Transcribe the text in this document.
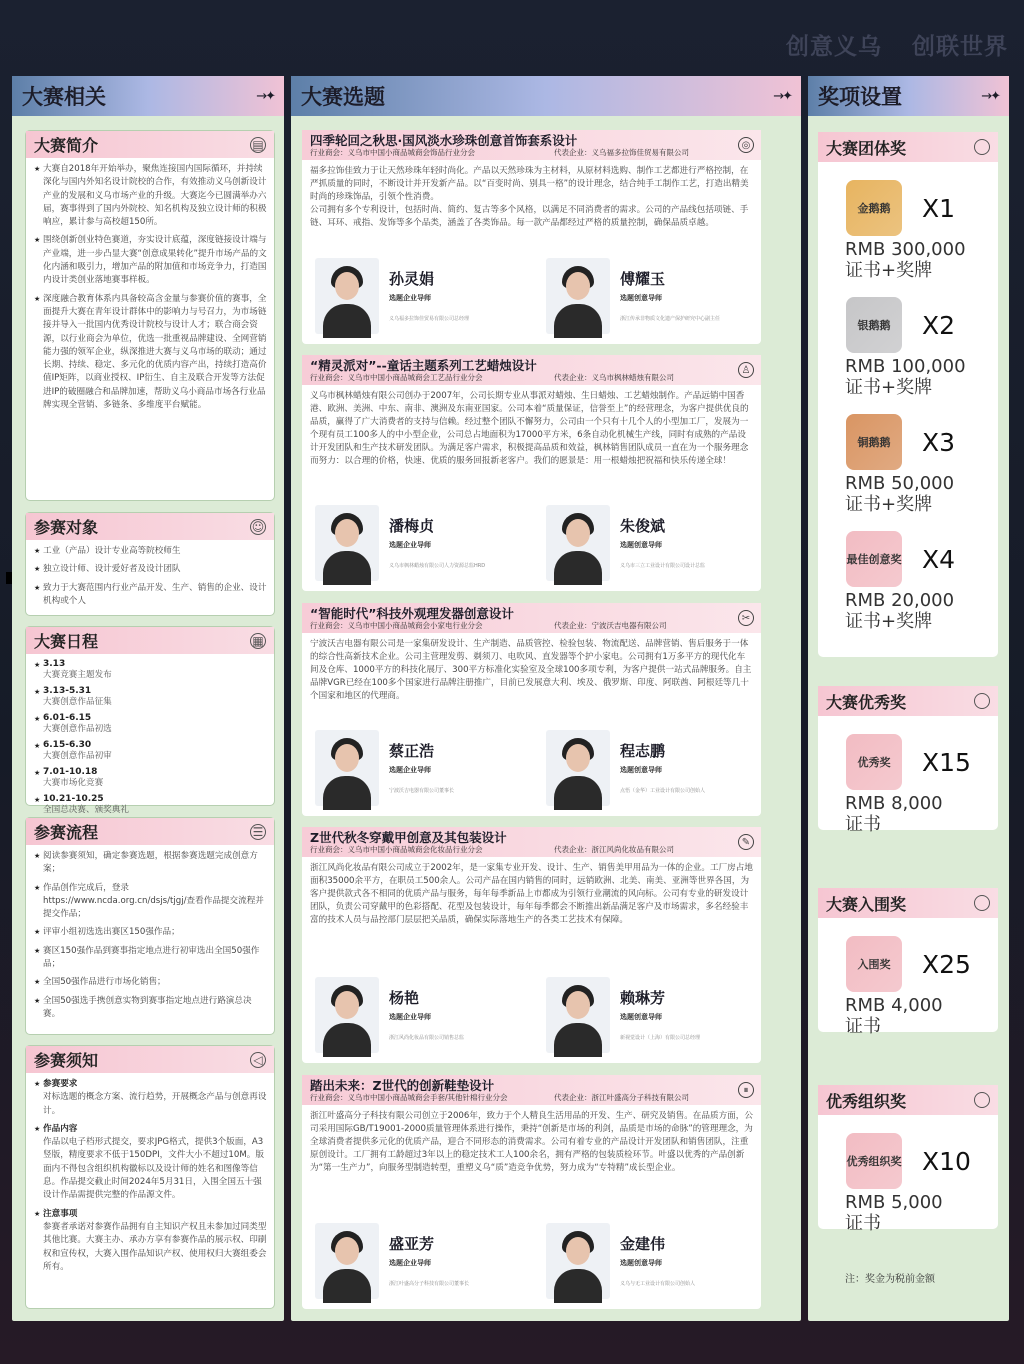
创意义乌 创联世界
大赛相关	→✦
大赛简介	▤
★ 大赛自2018年开始举办，聚焦连接国内国际循环，并持续深化与国内外知名设计院校的合作，有效推动义乌创新设计产业的发展和义乌市场产业的升级。大赛迄今已圆满举办六届，赛事得到了国内外院校、知名机构及独立设计师的积极响应，累计参与高校超150所。
★ 围绕创新创业特色赛道，夯实设计底蕴，深度链接设计端与产业端，进一步凸显大赛“创意成果转化”提升市场产品的文化内涵和吸引力，增加产品的附加值和市场竞争力，打造国内设计类创业落地赛事样板。
★ 深度融合教育体系内具备较高含金量与参赛价值的赛事，全面提升大赛在青年设计群体中的影响力与号召力，为市场链接并导入一批国内优秀设计院校与设计人才；联合商会资源，以行业商会为单位，优选一批重视品牌建设、全网营销能力强的领军企业，纵深推进大赛与义乌市场的联动；通过长期、持续、稳定、多元化的优质内容产出，持续打造高价值IP矩阵，以商业授权、IP衍生、自主及联合开发等方法促进IP的破圈融合和品牌加速，帮助义乌小商品市场各行业品牌实现全营销、多链条、多维度平台赋能。
参赛对象	☺
★ 工业（产品）设计专业高等院校师生
★ 独立设计师、设计爱好者及设计团队
★ 致力于大赛范围内行业产品开发、生产、销售的企业、设计机构或个人
大赛日程	▦
★ 3.13
大赛竞赛主题发布
★ 3.13-5.31
大赛创意作品征集
★ 6.01-6.15
大赛创意作品初选
★ 6.15-6.30
大赛创意作品初审
★ 7.01-10.18
大赛市场化竞赛
★ 10.21-10.25
全国总决赛、颁奖典礼
参赛流程	☰
★ 阅读参赛须知，确定参赛选题，根据参赛选题完成创意方案；
★ 作品创作完成后，登录https://www.ncda.org.cn/dsjs/tjgj/查看作品提交流程并提交作品；
★ 评审小组初选选出赛区150强作品；
★ 赛区150强作品到赛事指定地点进行初审选出全国50强作品；
★ 全国50强作品进行市场化销售；
★ 全国50强选手携创意实物到赛事指定地点进行路演总决赛。
参赛须知	◁
★ 参赛要求
对标选题的概念方案、流行趋势，开展概念产品与创意再设计。
★ 作品内容
作品以电子档形式提交，要求JPG格式，提供3个版面，A3竖版，精度要求不低于150DPI，文件大小不超过10M。版面内不得包含组织机构徽标以及设计师的姓名和图像等信息。作品提交截止时间2024年5月31日，入围全国五十强设计作品需提供完整的作品源文件。
★ 注意事项
参赛者承诺对参赛作品拥有自主知识产权且未参加过同类型其他比赛。大赛主办、承办方享有参赛作品的展示权、印刷权和宣传权，大赛入围作品知识产权、使用权归大赛组委会所有。
大赛选题	→✦
四季轮回之秋思·国风淡水珍珠创意首饰套系设计
行业商会：义乌市中国小商品城商会饰品行业分会	代表企业：义乌福多拉饰佳贸易有限公司
◎
福多拉饰佳致力于让天然珍珠年轻时尚化。产品以天然珍珠为主材料，从原材料选购、制作工艺都进行严格控制，在严抓质量的同时，不断设计并开发新产品。以“百变时尚、别具一格”的设计理念，结合纯手工制作工艺，打造出精美时尚的珍珠饰品，引领个性消费。
公司拥有多个专利设计，包括时尚、简约、复古等多个风格，以满足不同消费者的需求。公司的产品线包括项链、手链、耳环、戒指、发饰等多个品类，涵盖了各类饰品。每一款产品都经过严格的质量控制，确保品质卓越。
孙灵娟
选题企业导师
义乌福多拉饰佳贸易有限公司总经理
傅耀玉
选题创意导师
浙江传承非物质文化遗产保护研究中心副主任
“精灵派对”--童话主题系列工艺蜡烛设计
行业商会：义乌市中国小商品城商会工艺品行业分会	代表企业：义乌市枫林蜡烛有限公司
♙
义乌市枫林蜡烛有限公司创办于2007年，公司长期专业从事派对蜡烛、生日蜡烛、工艺蜡烛制作。产品远销中国香港、欧洲、美洲、中东、南非、澳洲及东南亚国家。公司本着“质量保证，信誉至上”的经营理念，为客户提供优良的品质，赢得了广大消费者的支持与信赖。经过整个团队不懈努力，公司由一个只有十几个人的小型加工厂，发展为一个现有员工100多人的中小型企业，公司总占地面积为17000平方米，6条自动化机械生产线，同时有成熟的产品设计开发团队和生产技术研发团队。为满足客户需求，积极提高品质和效益，枫林销售团队成员一直在为一个服务理念而努力：以合理的价格，快速、优质的服务回报新老客户。我们的愿景是：用一根蜡烛把祝福和快乐传递全球！
潘梅贞
选题企业导师
义乌市枫林蜡烛有限公司人力资源总监HRD
朱俊斌
选题创意导师
义乌市三立工业设计有限公司设计总监
“智能时代”科技外观理发器创意设计
行业商会：义乌市中国小商品城商会小家电行业分会	代表企业：宁波沃吉电器有限公司
✂
宁波沃吉电器有限公司是一家集研发设计、生产制造、品质管控、检验包装、物流配送、品牌营销、售后服务于一体的综合性高新技术企业。公司主营理发剪、剃须刀、电吹风、直发器等个护小家电。公司拥有1万多平方的现代化车间及仓库、1000平方的科技化展厅、300平方标准化实验室及全球100多项专利，为客户提供一站式品牌服务。自主品牌VGR已经在100多个国家进行品牌注册推广，目前已发展意大利、埃及、俄罗斯、印度、阿联酋、阿根廷等几十个国家和地区的代理商。
蔡正浩
选题企业导师
宁波沃吉电器有限公司董事长
程志鹏
选题创意导师
点悟（金华）工业设计有限公司创始人
Z世代秋冬穿戴甲创意及其包装设计
行业商会：义乌市中国小商品城商会化妆品行业分会	代表企业：浙江风尚化妆品有限公司
✎
浙江风尚化妆品有限公司成立于2002年，是一家集专业开发、设计、生产、销售美甲用品为一体的企业。工厂房占地面积35000余平方，在职员工500余人。公司产品在国内销售的同时，远销欧洲、北美、南美、亚洲等世界各国，为客户提供款式各不相同的优质产品与服务，每年每季新品上市都成为引领行业潮流的风向标。公司有专业的研发设计团队，负责公司穿戴甲的色彩搭配、花型及包装设计，每年每季都会不断推出新品满足客户及市场需求，多名经验丰富的技术人员与品控部门层层把关品质，确保实际落地生产的各类工艺技术有保障。
杨艳
选题企业导师
浙江风尚化妆品有限公司销售总监
赖琳芳
选题创意导师
新视觉设计（上海）有限公司总经理
踏出未来：Z世代的创新鞋垫设计
行业商会：义乌市中国小商品城商会手套/其他针棉行业分会	代表企业：浙江叶盛高分子科技有限公司
⏸
浙江叶盛高分子科技有限公司创立于2006年，致力于个人精良生活用品的开发、生产、研究及销售。在品质方面，公司采用国际GB/T19001-2000质量管理体系进行操作，秉持“创新是市场的利剑，品质是市场的命脉”的管理理念，为全球消费者提供多元化的优质产品，迎合不同形态的消费需求。公司有着专业的产品设计开发团队和销售团队，注重原创设计。工厂拥有工龄超过3年以上的稳定技术工人100余名，拥有严格的包装质检环节。叶盛以优秀的产品创新为“第一生产力”，向服务型制造转型，重塑义乌“质”造竞争优势，努力成为“专特精”成长型企业。
盛亚芳
选题企业导师
浙江叶盛高分子科技有限公司董事长
金建伟
选题创意导师
义乌与无工业设计有限公司创始人
奖项设置	→✦
大赛团体奖
金鹅鹅 X1
RMB 300,000
证书+奖牌
银鹅鹅 X2
RMB 100,000
证书+奖牌
铜鹅鹅 X3
RMB 50,000
证书+奖牌
最佳 创意奖 X4
RMB 20,000
证书+奖牌
大赛优秀奖
优秀奖 X15
RMB 8,000
证书
大赛入围奖
入围奖 X25
RMB 4,000
证书
优秀组织奖
优秀 组织奖 X10
RMB 5,000
证书
注：奖金为税前金额
